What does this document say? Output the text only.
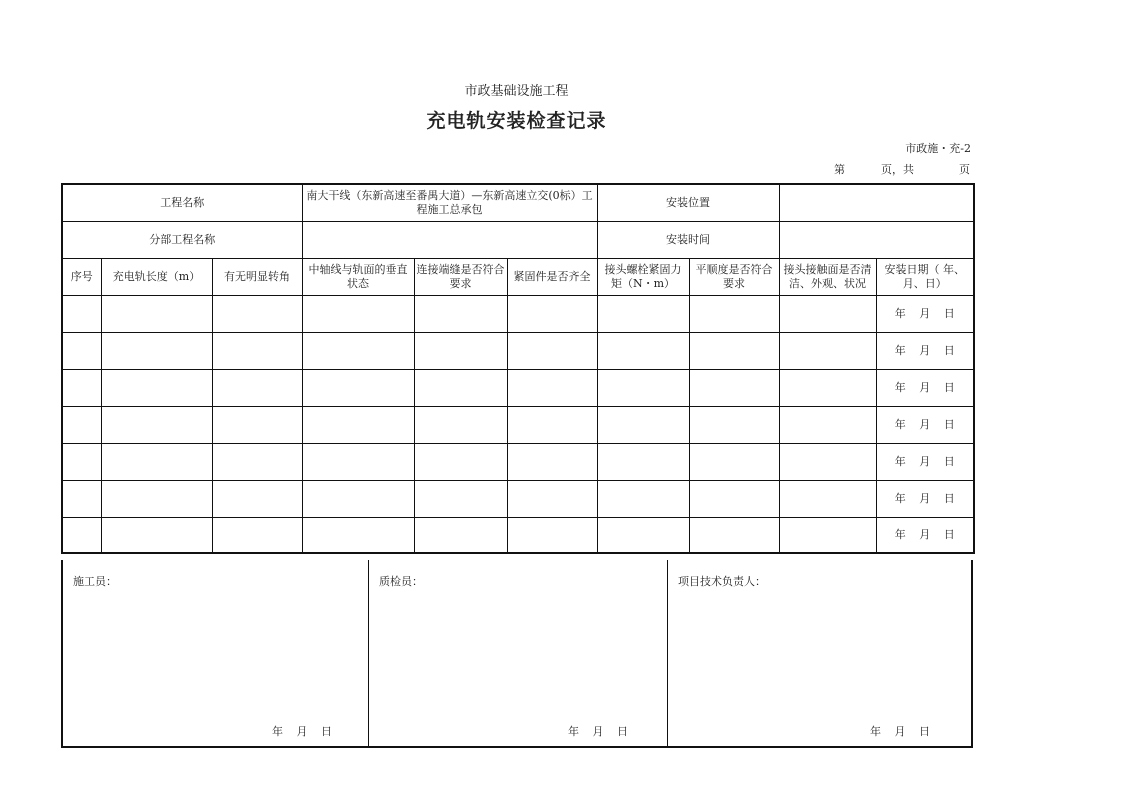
市政基础设施工程
充电轨安装检查记录
市政施・充-2
第	页，共	页
工程名称			南大干线（东新高速至番禺大道）—东新高速立交(0标）工程施工总承包			安装位置			
分部工程名称						安装时间			
序号	充电轨长度（m）	有无明显转角	中轴线与轨面的垂直状态	连接端缝是否符合要求	紧固件是否齐全	接头螺栓紧固力矩（N・m）	平顺度是否符合要求	接头接触面是否清洁、外观、状况	安装日期（ 年、月、日）
									年 月 日
									年 月 日
									年 月 日
									年 月 日
									年 月 日
									年 月 日
									年 月 日
施工员：
年 月 日
质检员：
年 月 日
项目技术负责人：
年 月 日
